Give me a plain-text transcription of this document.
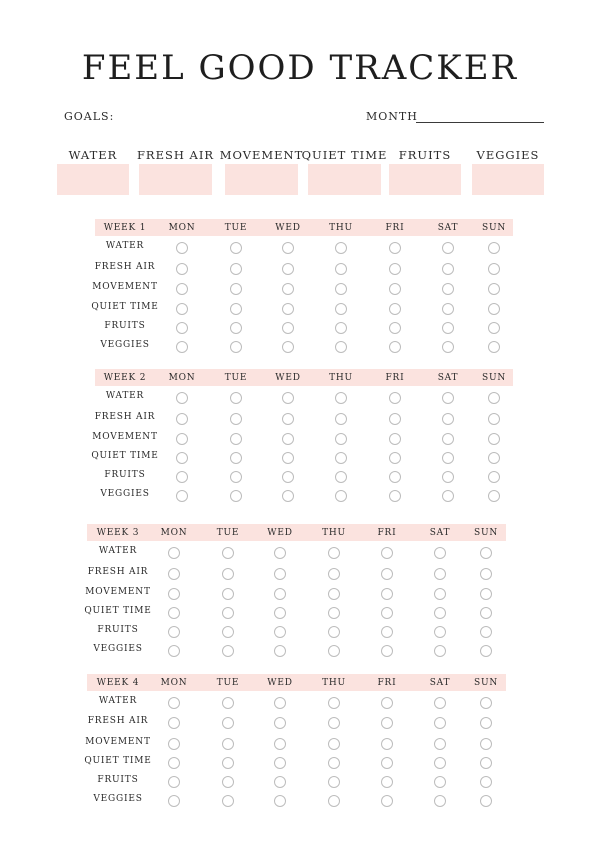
FEEL GOOD TRACKER
GOALS:	MONTH
WATER	FRESH AIR MOVEMENT
QUIET TIME FRUITS	VEGGIES
WEEK 1	MON	TUE	WED	THU	FRI	SAT	SUN
WATER
FRESH AIR
MOVEMENT
QUIET TIME
FRUITS
VEGGIES
WEEK 2	MON	TUE	WED	THU	FRI	SAT	SUN
WATER
FRESH AIR
MOVEMENT
QUIET TIME
FRUITS
VEGGIES
WEEK 3	MON	TUE	WED	THU	FRI	SAT	SUN
WATER
FRESH AIR
MOVEMENT
QUIET TIME
FRUITS
VEGGIES
WEEK 4	MON	TUE	WED	THU	FRI	SAT	SUN
WATER
FRESH AIR
MOVEMENT
QUIET TIME
FRUITS
VEGGIES
